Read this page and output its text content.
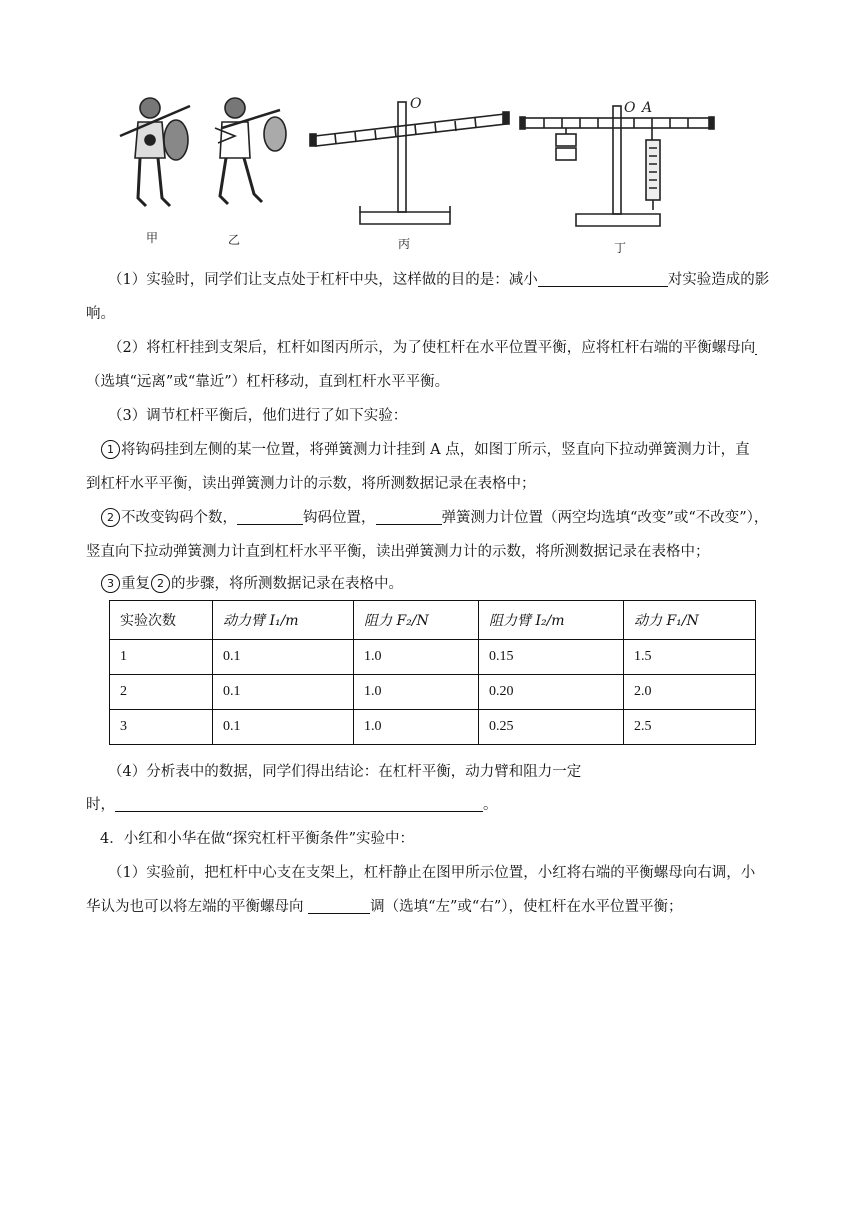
甲	乙
O
丙
O A
丁
（1）实验时，同学们让支点处于杠杆中央，这样做的目的是：减小	对实验造成的影
响。
（2）将杠杆挂到支架后，杠杆如图丙所示，为了使杠杆在水平位置平衡，应将杠杆右端的平衡螺母向
（选填“远离”或“靠近”）杠杆移动，直到杠杆水平平衡。
（3）调节杠杆平衡后，他们进行了如下实验：
1 将钩码挂到左侧的某一位置，将弹簧测力计挂到 A 点，如图丁所示，竖直向下拉动弹簧测力计，直
到杠杆水平平衡，读出弹簧测力计的示数，将所测数据记录在表格中；
2 不改变钩码个数，	钩码位置，	弹簧测力计位置（两空均选填“改变”或“不改变”），
竖直向下拉动弹簧测力计直到杠杆水平平衡，读出弹簧测力计的示数，将所测数据记录在表格中；
3 重复 2 的步骤，将所测数据记录在表格中。
实验次数	动力臂 I₁/m	阻力 F₂/N	阻力臂 I₂/m	动力 F₁/N
1	0.1	1.0	0.15	1.5
2	0.1	1.0	0.20	2.0
3	0.1	1.0	0.25	2.5
（4）分析表中的数据，同学们得出结论：在杠杆平衡，动力臂和阻力一定
时，	。
4．小红和小华在做“探究杠杆平衡条件”实验中：
（1）实验前，把杠杆中心支在支架上，杠杆静止在图甲所示位置，小红将右端的平衡螺母向右调，小
华认为也可以将左端的平衡螺母向	调（选填“左”或“右”），使杠杆在水平位置平衡；
